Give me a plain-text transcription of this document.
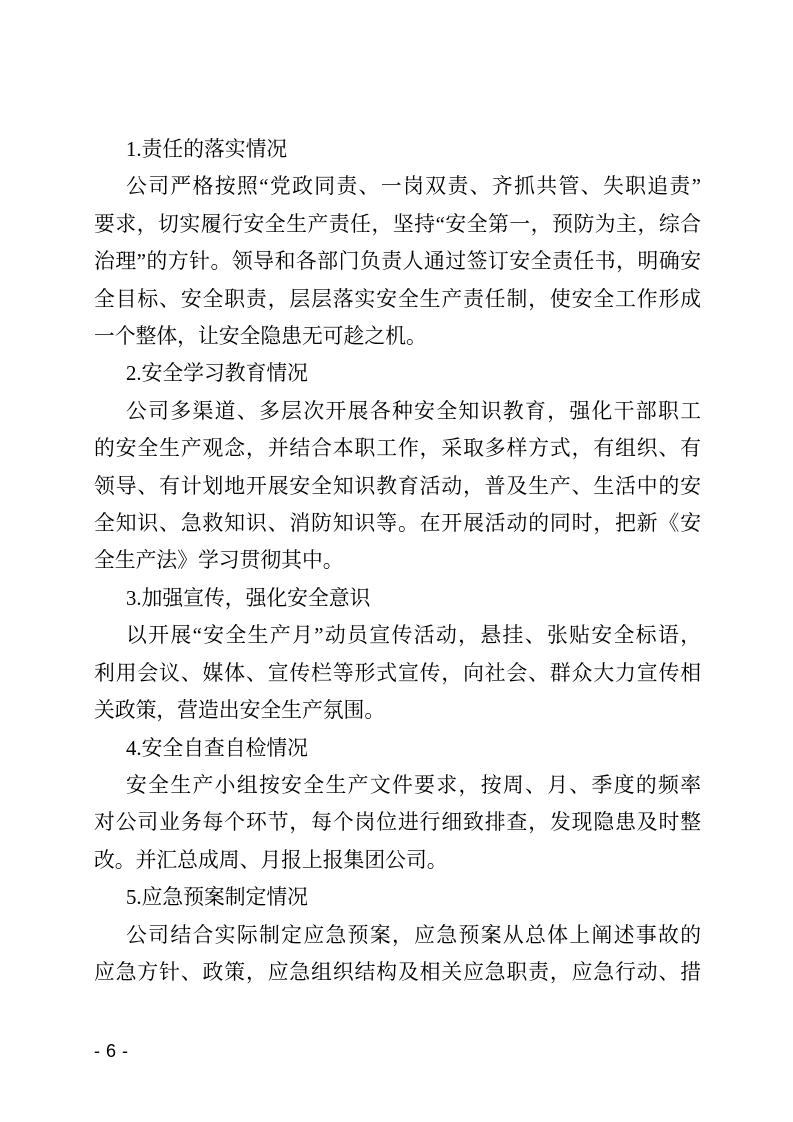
1.责任的落实情况
公司严格按照“党政同责、一岗双责、齐抓共管、失职追责”
要求，切实履行安全生产责任，坚持“安全第一，预防为主，综合
治理”的方针。领导和各部门负责人通过签订安全责任书，明确安
全目标、安全职责，层层落实安全生产责任制，使安全工作形成
一个整体，让安全隐患无可趁之机。
2.安全学习教育情况
公司多渠道、多层次开展各种安全知识教育，强化干部职工
的安全生产观念，并结合本职工作，采取多样方式，有组织、有
领导、有计划地开展安全知识教育活动，普及生产、生活中的安
全知识、急救知识、消防知识等。在开展活动的同时，把新《安
全生产法》学习贯彻其中。
3.加强宣传，强化安全意识
以开展“安全生产月”动员宣传活动，悬挂、张贴安全标语，
利用会议、媒体、宣传栏等形式宣传，向社会、群众大力宣传相
关政策，营造出安全生产氛围。
4.安全自查自检情况
安全生产小组按安全生产文件要求，按周、月、季度的频率
对公司业务每个环节，每个岗位进行细致排查，发现隐患及时整
改。并汇总成周、月报上报集团公司。
5.应急预案制定情况
公司结合实际制定应急预案，应急预案从总体上阐述事故的
应急方针、政策，应急组织结构及相关应急职责，应急行动、措
- 6 -
